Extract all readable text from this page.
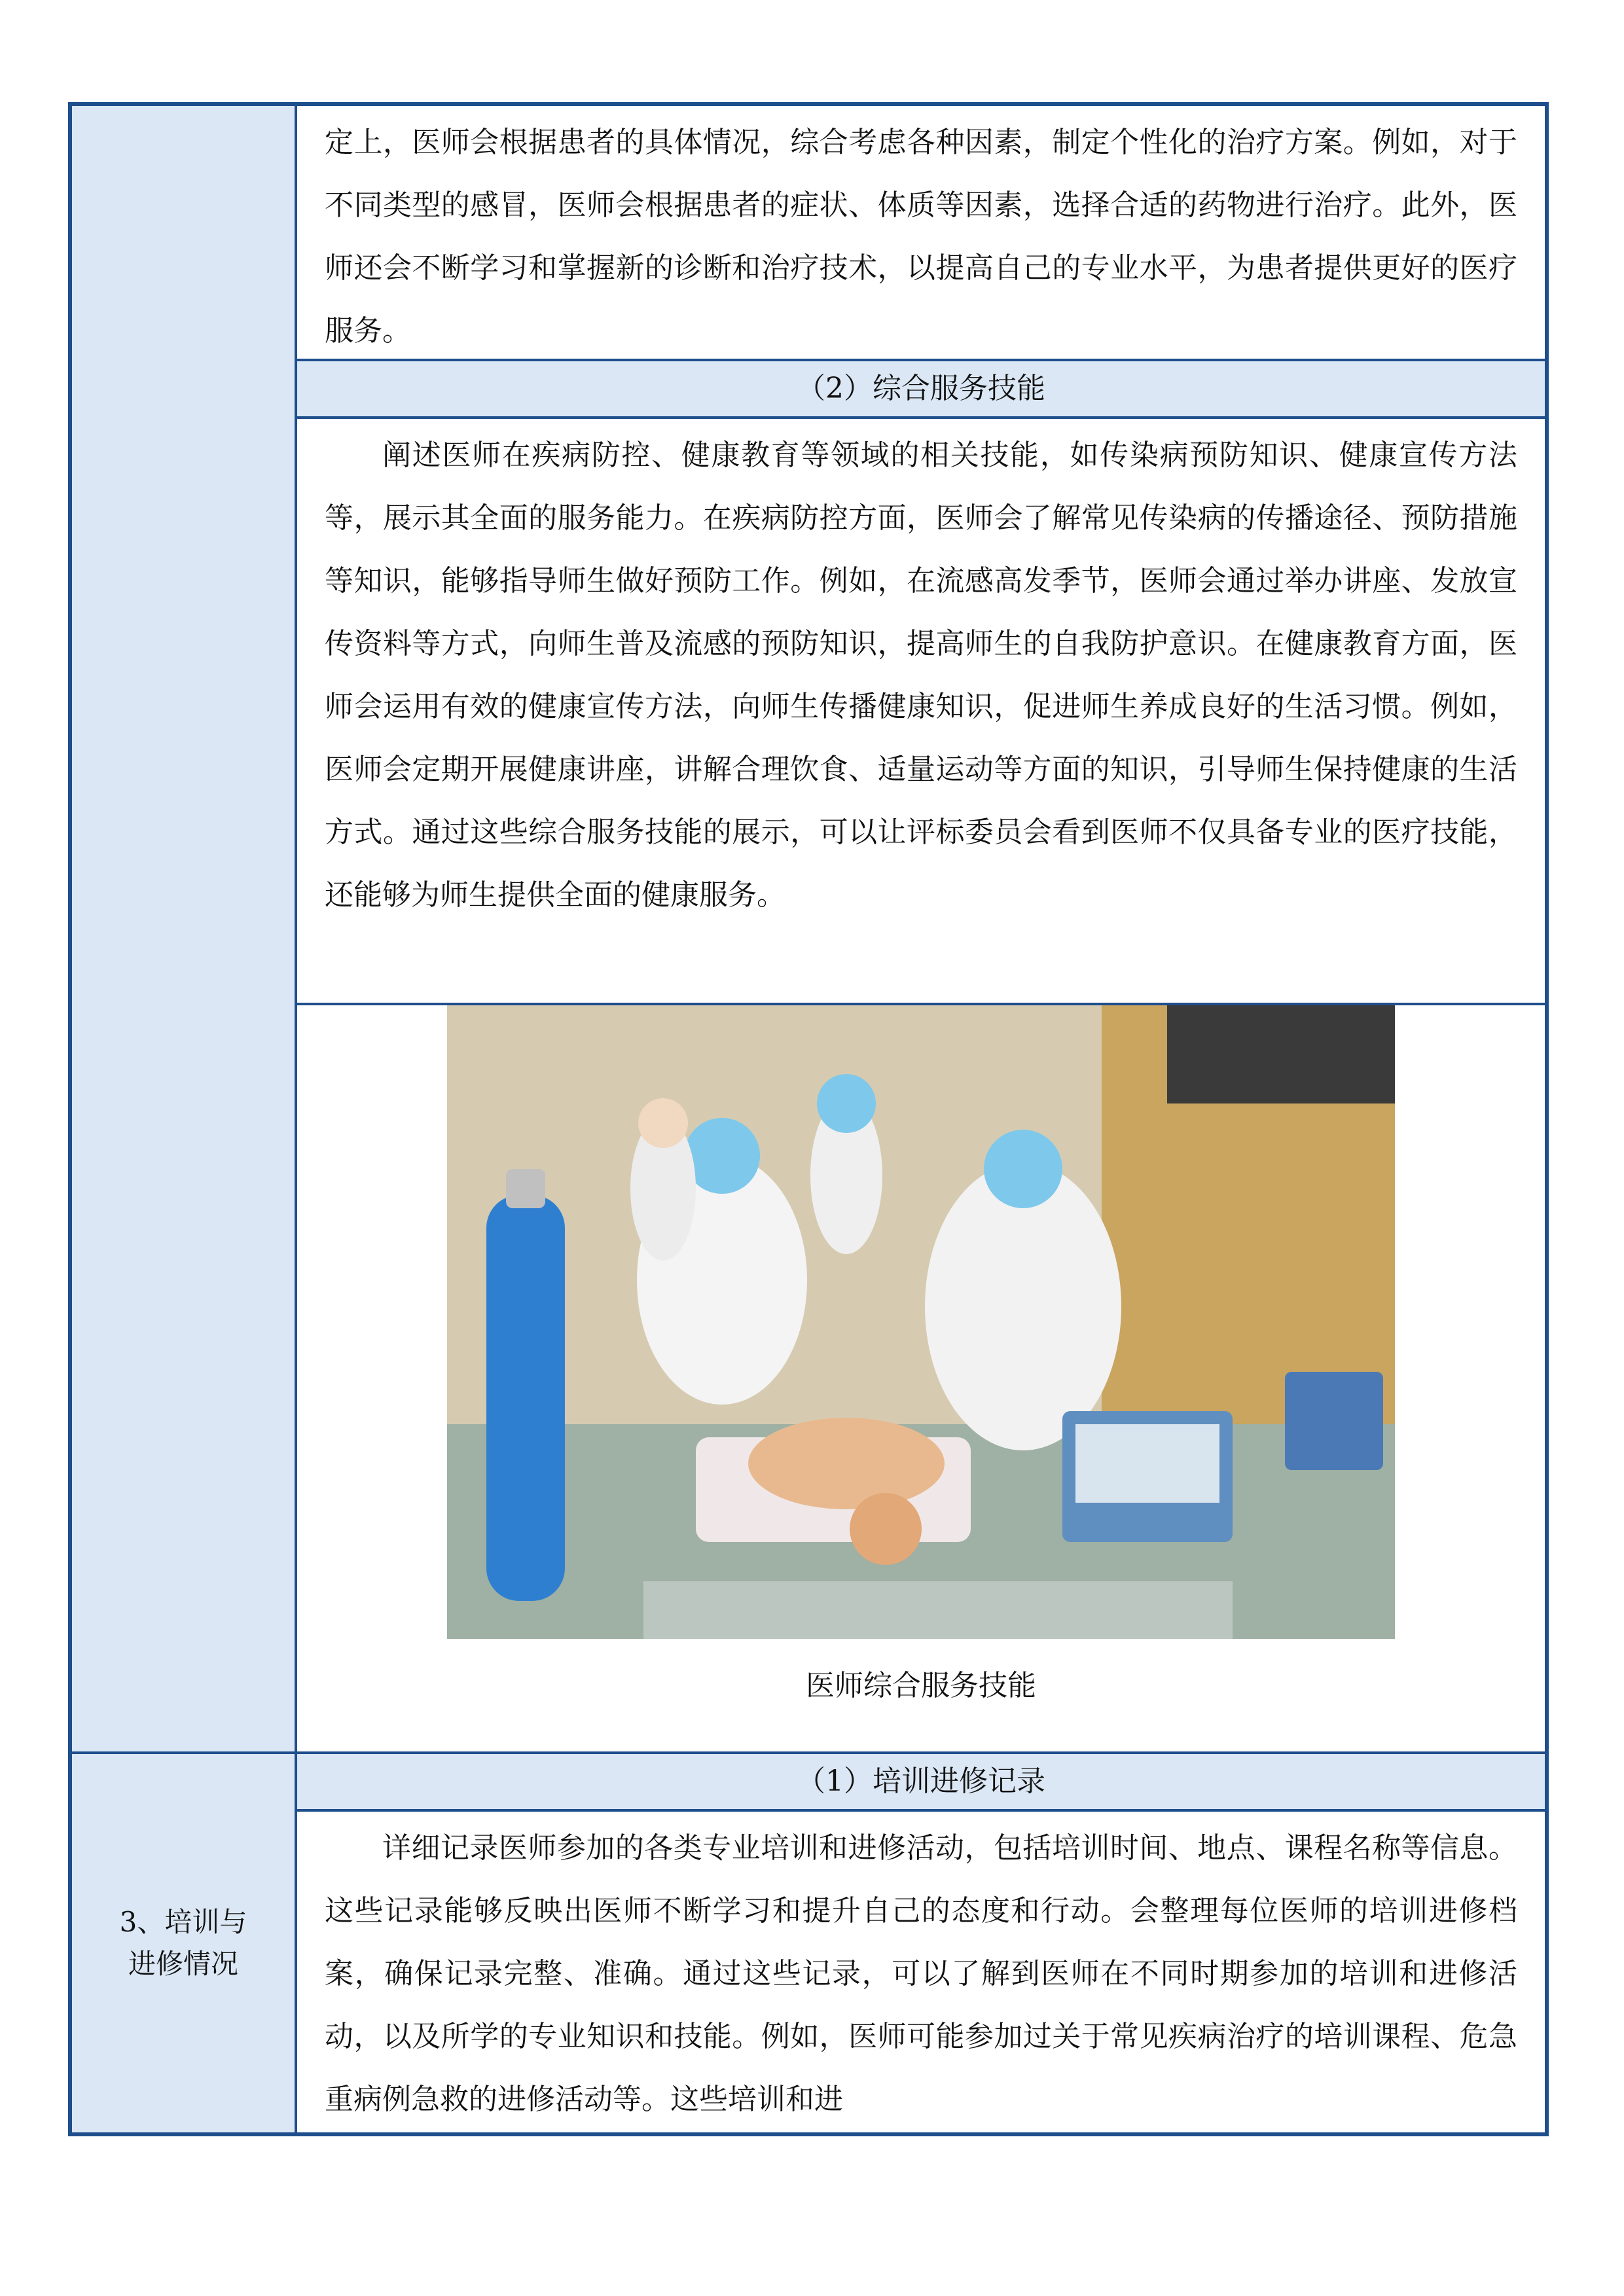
定上，医师会根据患者的具体情况，综合考虑各种因素，制定个性化的治疗方案。例如，对于不同类型的感冒，医师会根据患者的症状、体质等因素，选择合适的药物进行治疗。此外，医师还会不断学习和掌握新的诊断和治疗技术，以提高自己的专业水平，为患者提供更好的医疗服务。
（2）综合服务技能
阐述医师在疾病防控、健康教育等领域的相关技能，如传染病预防知识、健康宣传方法等，展示其全面的服务能力。在疾病防控方面，医师会了解常见传染病的传播途径、预防措施等知识，能够指导师生做好预防工作。例如，在流感高发季节，医师会通过举办讲座、发放宣传资料等方式，向师生普及流感的预防知识，提高师生的自我防护意识。在健康教育方面，医师会运用有效的健康宣传方法，向师生传播健康知识，促进师生养成良好的生活习惯。例如，医师会定期开展健康讲座，讲解合理饮食、适量运动等方面的知识，引导师生保持健康的生活方式。通过这些综合服务技能的展示，可以让评标委员会看到医师不仅具备专业的医疗技能，还能够为师生提供全面的健康服务。
医师综合服务技能
3、培训与
进修情况
（1）培训进修记录
详细记录医师参加的各类专业培训和进修活动，包括培训时间、地点、课程名称等信息。这些记录能够反映出医师不断学习和提升自己的态度和行动。会整理每位医师的培训进修档案，确保记录完整、准确。通过这些记录，可以了解到医师在不同时期参加的培训和进修活动，以及所学的专业知识和技能。例如，医师可能参加过关于常见疾病治疗的培训课程、危急重病例急救的进修活动等。这些培训和进
